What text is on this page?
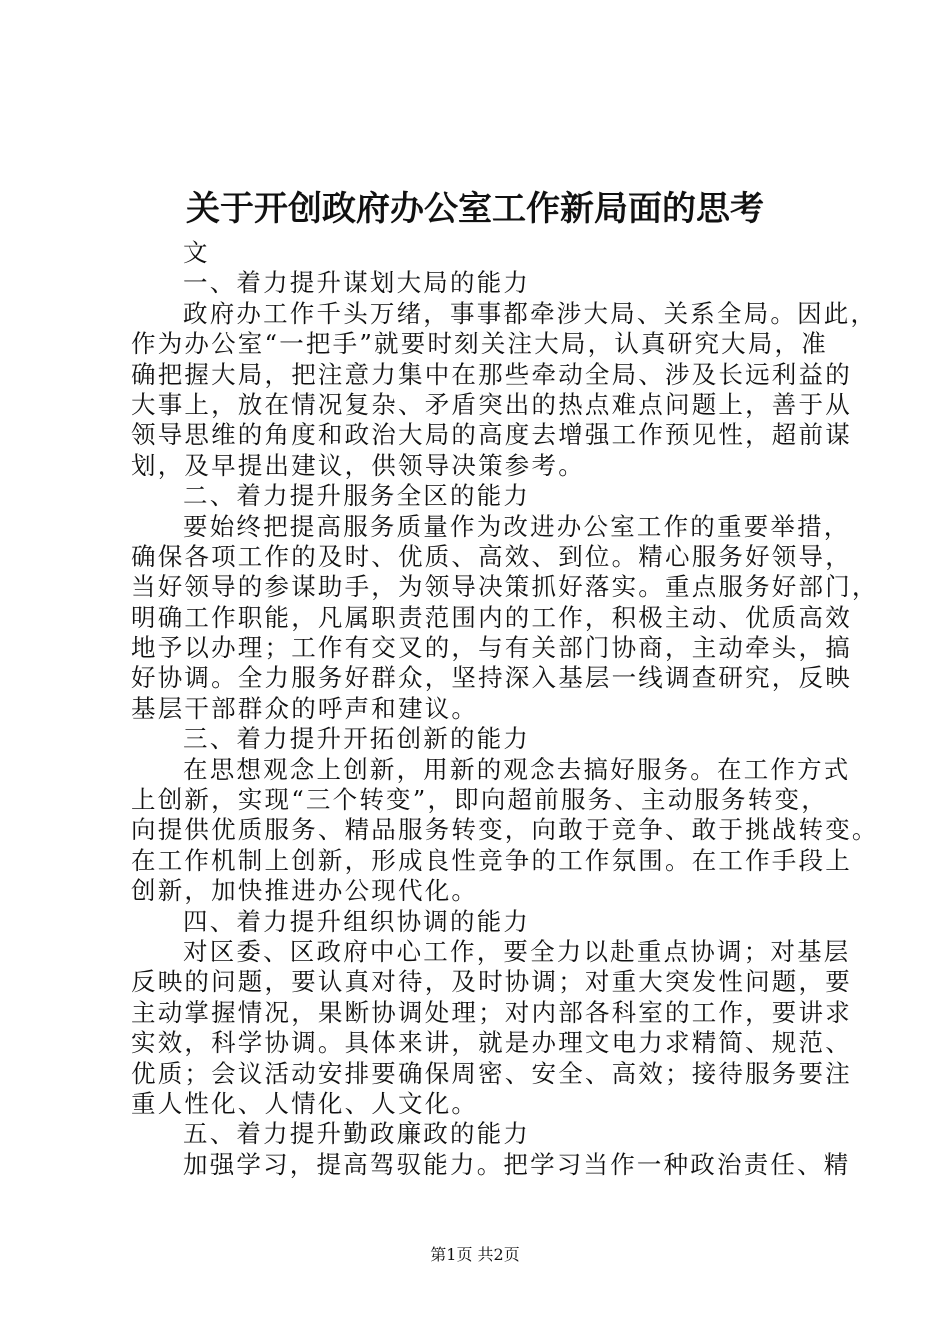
关于开创政府办公室工作新局面的思考
文
一、着力提升谋划大局的能力
政府办工作千头万绪，事事都牵涉大局、关系全局。因此，
作为办公室“一把手”就要时刻关注大局，认真研究大局，准
确把握大局，把注意力集中在那些牵动全局、涉及长远利益的
大事上，放在情况复杂、矛盾突出的热点难点问题上，善于从
领导思维的角度和政治大局的高度去增强工作预见性，超前谋
划，及早提出建议，供领导决策参考。
二、着力提升服务全区的能力
要始终把提高服务质量作为改进办公室工作的重要举措，
确保各项工作的及时、优质、高效、到位。精心服务好领导，
当好领导的参谋助手，为领导决策抓好落实。重点服务好部门，
明确工作职能，凡属职责范围内的工作，积极主动、优质高效
地予以办理；工作有交叉的，与有关部门协商，主动牵头，搞
好协调。全力服务好群众，坚持深入基层一线调查研究，反映
基层干部群众的呼声和建议。
三、着力提升开拓创新的能力
在思想观念上创新，用新的观念去搞好服务。在工作方式
上创新，实现“三个转变”，即向超前服务、主动服务转变，
向提供优质服务、精品服务转变，向敢于竞争、敢于挑战转变。
在工作机制上创新，形成良性竞争的工作氛围。在工作手段上
创新，加快推进办公现代化。
四、着力提升组织协调的能力
对区委、区政府中心工作，要全力以赴重点协调；对基层
反映的问题，要认真对待，及时协调；对重大突发性问题，要
主动掌握情况，果断协调处理；对内部各科室的工作，要讲求
实效，科学协调。具体来讲，就是办理文电力求精简、规范、
优质；会议活动安排要确保周密、安全、高效；接待服务要注
重人性化、人情化、人文化。
五、着力提升勤政廉政的能力
加强学习，提高驾驭能力。把学习当作一种政治责任、精
第1页 共2页
